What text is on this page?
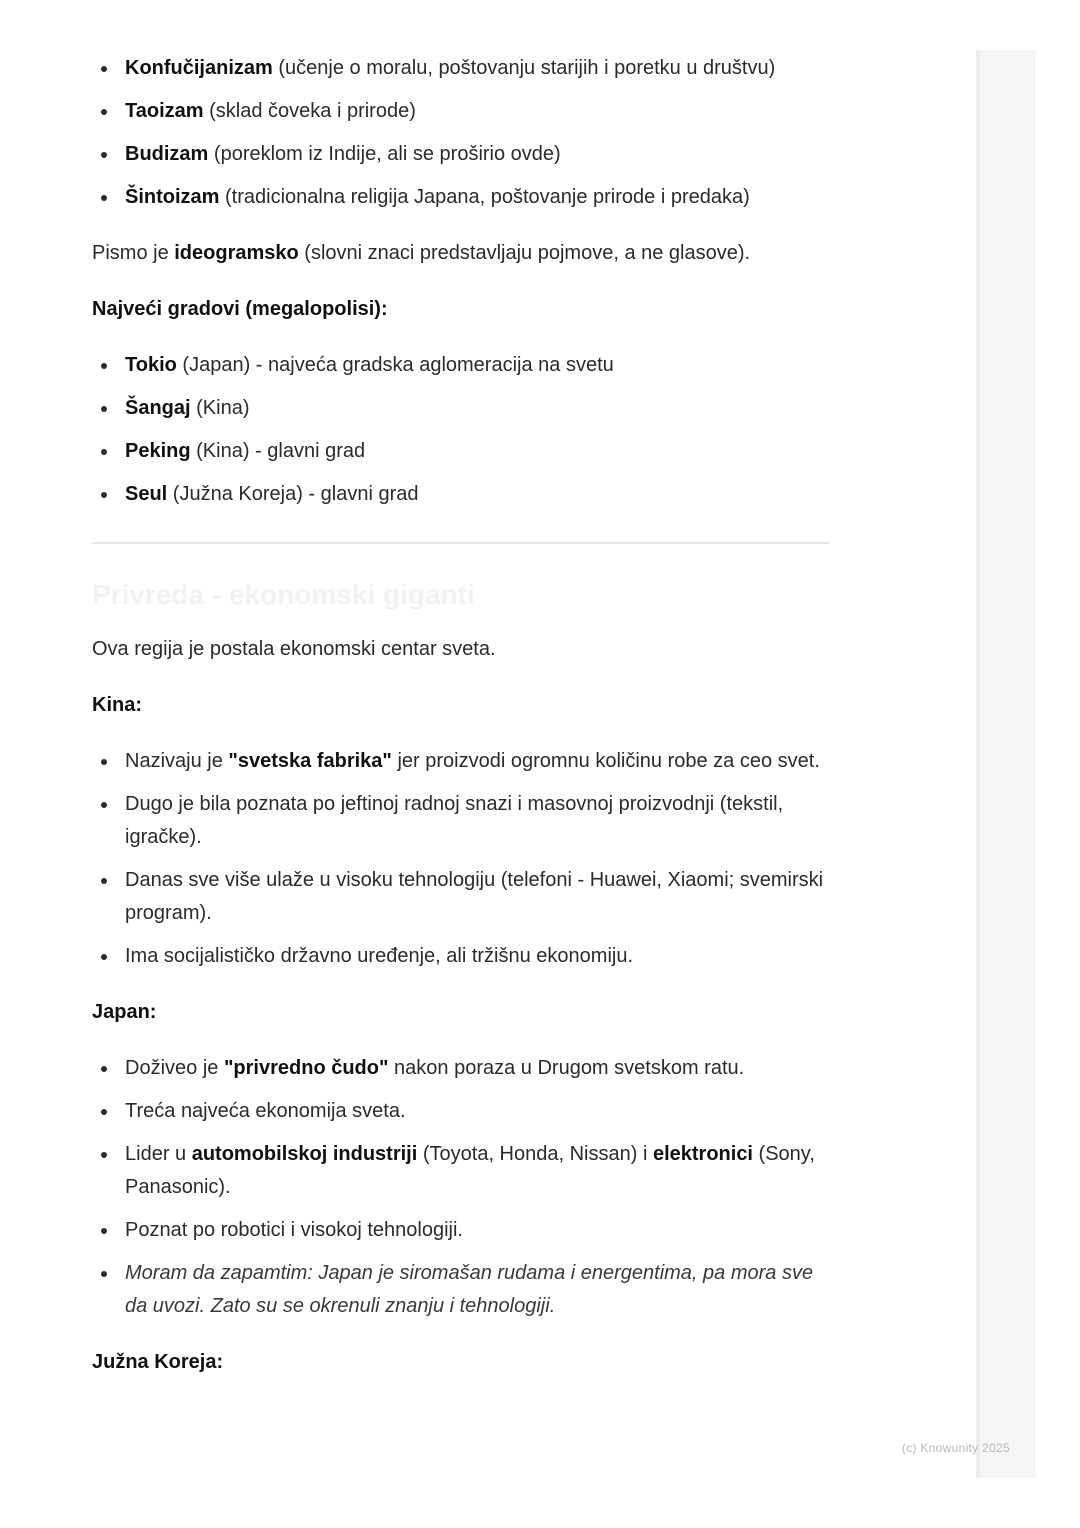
Konfučijanizam (učenje o moralu, poštovanju starijih i poretku u društvu)
Taoizam (sklad čoveka i prirode)
Budizam (poreklom iz Indije, ali se proširio ovde)
Šintoizam (tradicionalna religija Japana, poštovanje prirode i predaka)

Pismo je ideogramsko (slovni znaci predstavljaju pojmove, a ne glasove).

Najveći gradovi (megalopolisi):

Tokio (Japan) - najveća gradska aglomeracija na svetu
Šangaj (Kina)
Peking (Kina) - glavni grad
Seul (Južna Koreja) - glavni grad
Privreda - ekonomski giganti

Ova regija je postala ekonomski centar sveta.

Kina:

Nazivaju je "svetska fabrika" jer proizvodi ogromnu količinu robe za ceo svet.
Dugo je bila poznata po jeftinoj radnoj snazi i masovnoj proizvodnji (tekstil, igračke).
Danas sve više ulaže u visoku tehnologiju (telefoni - Huawei, Xiaomi; svemirski program).
Ima socijalističko državno uređenje, ali tržišnu ekonomiju.

Japan:

Doživeo je "privredno čudo" nakon poraza u Drugom svetskom ratu.
Treća najveća ekonomija sveta.
Lider u automobilskoj industriji (Toyota, Honda, Nissan) i elektronici (Sony, Panasonic).
Poznat po robotici i visokoj tehnologiji.
Moram da zapamtim: Japan je siromašan rudama i energentima, pa mora sve da uvozi. Zato su se okrenuli znanju i tehnologiji.

Južna Koreja:

(c) Knowunity 2025
